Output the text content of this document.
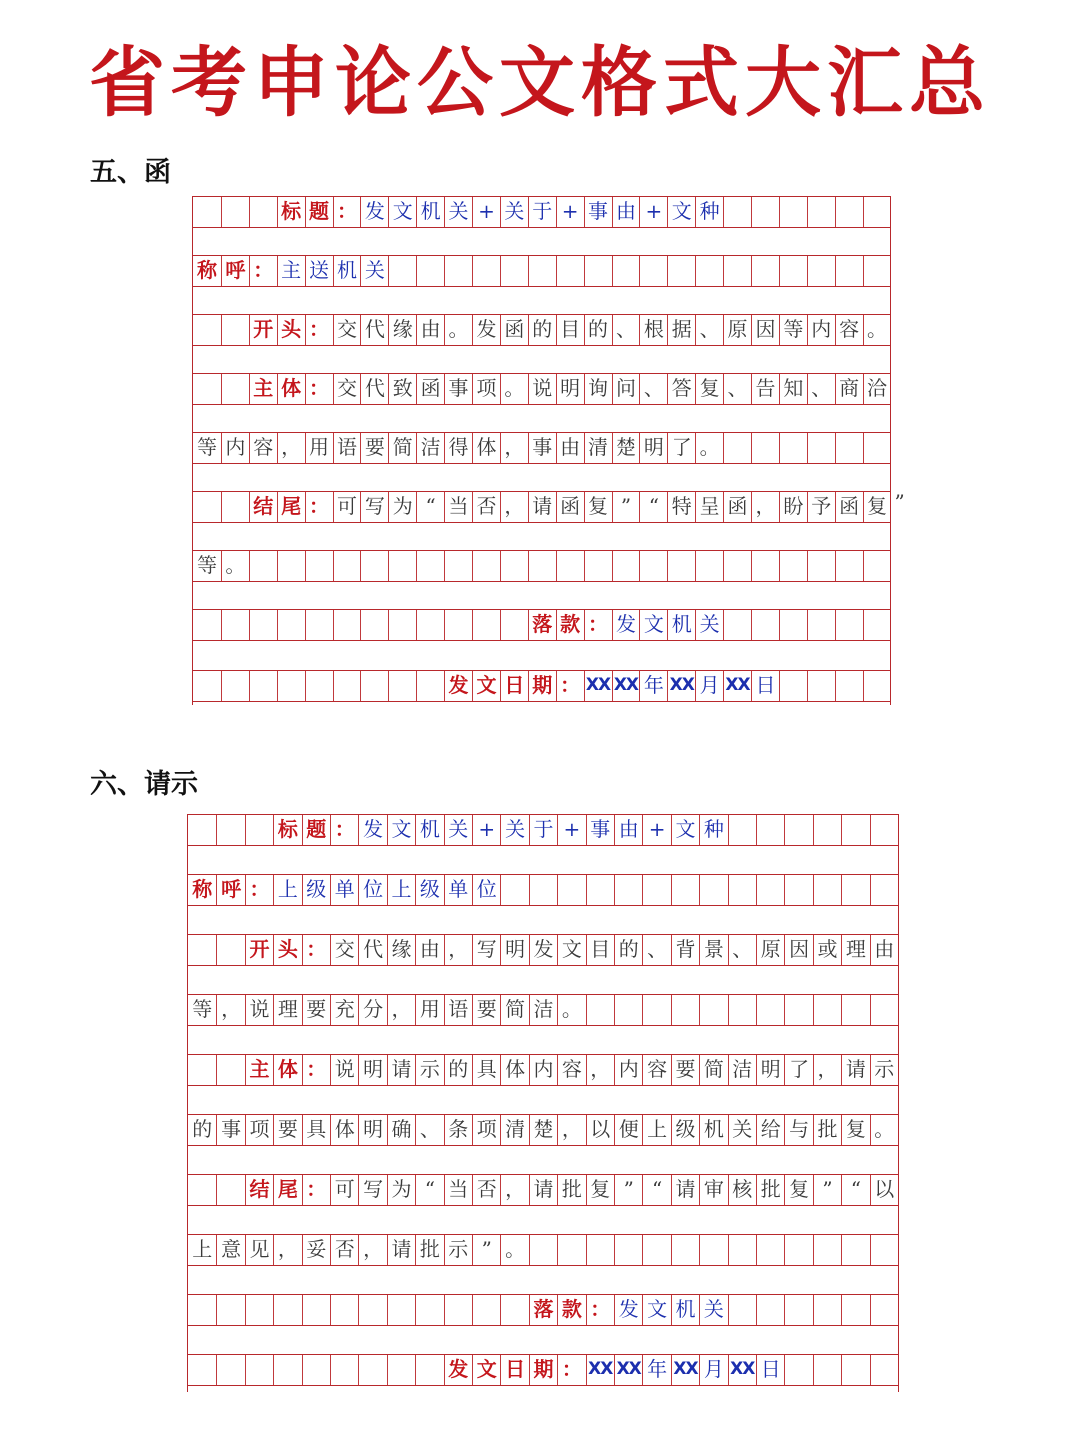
省考申论公文格式大汇总
五、函
标 题 ： 发 文 机 关 + 关 于 + 事 由 + 文 种
称 呼 ： 主 送 机 关
开 头 ： 交 代 缘 由 。 发 函 的 目 的 、 根 据 、 原 因 等 内 容 。
主 体 ： 交 代 致 函 事 项 。 说 明 询 问 、 答 复 、 告 知 、 商 洽
等 内 容 ， 用 语 要 简 洁 得 体 ， 事 由 清 楚 明 了 。
结 尾 ： 可 写 为 “ 当 否 ， 请 函 复 ” “ 特 呈 函 ， 盼 予 函 复 ”
等 。
落 款 ： 发 文 机 关
发 文 日 期 ： XX XX 年 XX 月 XX 日
六、请示
标 题 ： 发 文 机 关 + 关 于 + 事 由 + 文 种
称 呼 ： 上 级 单 位 上 级 单 位
开 头 ： 交 代 缘 由 ， 写 明 发 文 目 的 、 背 景 、 原 因 或 理 由
等 ， 说 理 要 充 分 ， 用 语 要 简 洁 。
主 体 ： 说 明 请 示 的 具 体 内 容 ， 内 容 要 简 洁 明 了 ， 请 示
的 事 项 要 具 体 明 确 、 条 项 清 楚 ， 以 便 上 级 机 关 给 与 批 复 。
结 尾 ： 可 写 为 “ 当 否 ， 请 批 复 ” “ 请 审 核 批 复 ” “ 以
上 意 见 ， 妥 否 ， 请 批 示 ” 。
落 款 ： 发 文 机 关
发 文 日 期 ： XX XX 年 XX 月 XX 日
